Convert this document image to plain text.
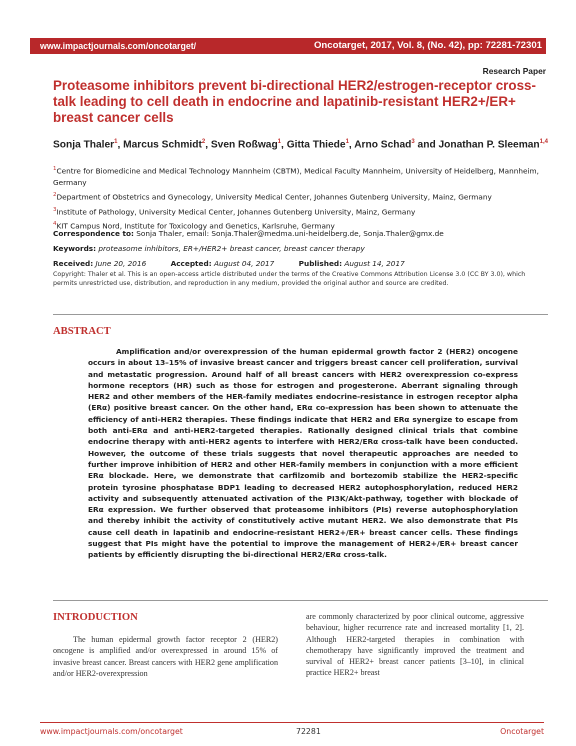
www.impactjournals.com/oncotarget/	Oncotarget, 2017, Vol. 8, (No. 42), pp: 72281-72301
Research Paper
Proteasome inhibitors prevent bi-directional HER2/estrogen-receptor cross-talk leading to cell death in endocrine and lapatinib-resistant HER2+/ER+ breast cancer cells

Sonja Thaler$^1$, Marcus Schmidt$^2$, Sven Roßwag$^1$, Gitta Thiede$^1$, Arno Schad$^3$ and Jonathan P. Sleeman$^{1,4}$

$^1$Centre for Biomedicine and Medical Technology Mannheim (CBTM), Medical Faculty Mannheim, University of Heidelberg, Mannheim, Germany

$^2$Department of Obstetrics and Gynecology, University Medical Center, Johannes Gutenberg University, Mainz, Germany

$^3$Institute of Pathology, University Medical Center, Johannes Gutenberg University, Mainz, Germany

$^4$KIT Campus Nord, Institute for Toxicology and Genetics, Karlsruhe, Germany

Correspondence to: Sonja Thaler, email: Sonja.Thaler@medma.uni-heidelberg.de, Sonja.Thaler@gmx.de

Keywords: proteasome inhibitors, ER+/HER2+ breast cancer, breast cancer therapy

Received: June 20, 2016	Accepted: August 04, 2017	Published: August 14, 2017

Copyright: Thaler et al. This is an open-access article distributed under the terms of the Creative Commons Attribution License 3.0 (CC BY 3.0), which permits unrestricted use, distribution, and reproduction in any medium, provided the original author and source are credited.

ABSTRACT

Amplification and/or overexpression of the human epidermal growth factor 2 (HER2) oncogene occurs in about 13–15% of invasive breast cancer and triggers breast cancer cell proliferation, survival and metastatic progression. Around half of all breast cancers with HER2 overexpression co-express hormone receptors (HR) such as those for estrogen and progesterone. Aberrant signaling through HER2 and other members of the HER-family mediates endocrine-resistance in estrogen receptor alpha (ERα) positive breast cancer. On the other hand, ERα co-expression has been shown to attenuate the efficiency of anti-HER2 therapies. These findings indicate that HER2 and ERα synergize to escape from both anti-ERα and anti-HER2-targeted therapies. Rationally designed clinical trials that combine endocrine therapy with anti-HER2 agents to interfere with HER2/ERα cross-talk have been conducted. However, the outcome of these trials suggests that novel therapeutic approaches are needed to further improve inhibition of HER2 and other HER-family members in conjunction with a more efficient ERα blockade. Here, we demonstrate that carfilzomib and bortezomib stabilize the HER2-specific protein tyrosine phosphatase BDP1 leading to decreased HER2 autophosphorylation, reduced HER2 activity and subsequently attenuated activation of the PI3K/Akt-pathway, together with blockade of ERα expression. We further observed that proteasome inhibitors (PIs) reverse autophosphorylation and thereby inhibit the activity of constitutively active mutant HER2. We also demonstrate that PIs cause cell death in lapatinib and endocrine-resistant HER2+/ER+ breast cancer cells. These findings suggest that PIs might have the potential to improve the management of HER2+/ER+ breast cancer patients by efficiently disrupting the bi-directional HER2/ERα cross-talk.

INTRODUCTION

The human epidermal growth factor receptor 2 (HER2) oncogene is amplified and/or overexpressed in around 15% of invasive breast cancer. Breast cancers with HER2 gene amplification and/or HER2-overexpression

are commonly characterized by poor clinical outcome, aggressive behaviour, higher recurrence rate and increased mortality [1, 2]. Although HER2-targeted therapies in combination with chemotherapy have significantly improved the treatment and survival of HER2+ breast cancer patients [3–10], in clinical practice HER2+ breast

www.impactjournals.com/oncotarget	72281	Oncotarget
